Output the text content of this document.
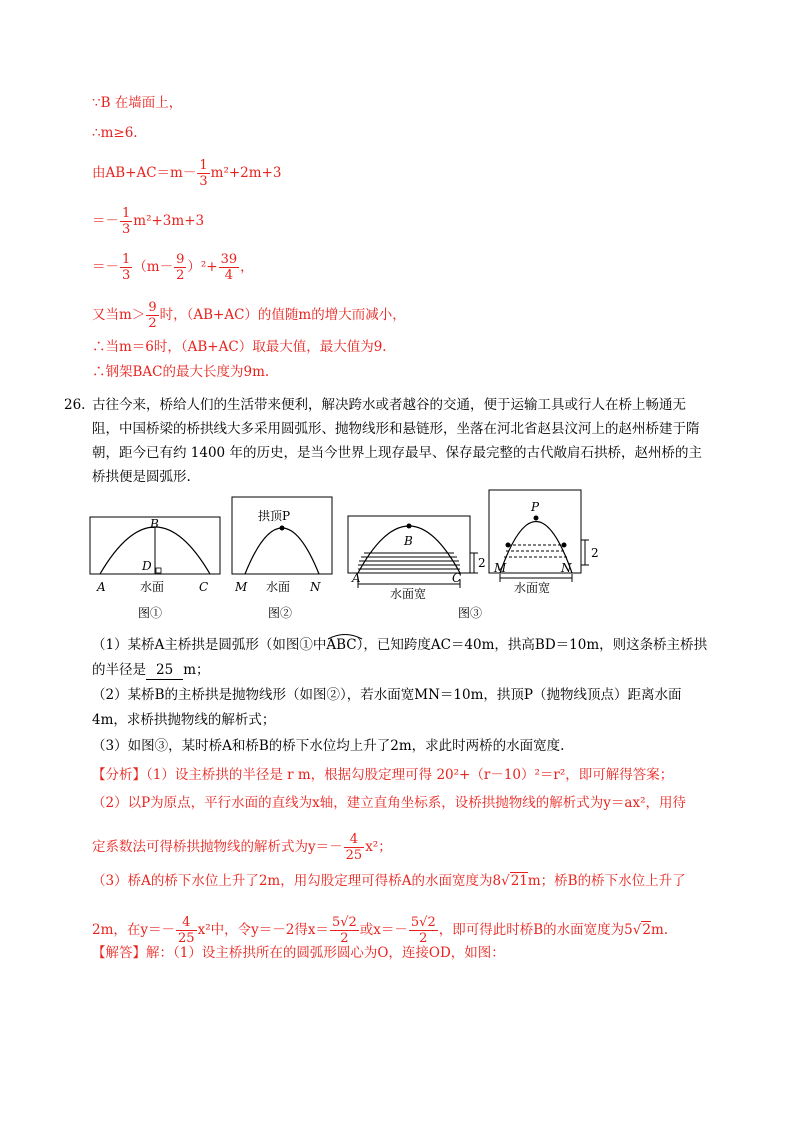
∵B 在墙面上，
∴m≥6.
由$AB+AC=m- \frac{1}{3} m^2+2m+3$
＝－ $\frac{1}{3} m^2+3m+3$
＝－ $\frac{1}{3} (m- \frac{9}{2} )^2+ \frac{39}{4}$ ，
又当$m> \frac{9}{2}$ 时，（AB+AC）的值随m的增大而减小，
∴当m＝6时，（AB+AC）取最大值，最大值为9.
∴钢架BAC的最大长度为9m.
26. 古往今来，桥给人们的生活带来便利，解决跨水或者越谷的交通，便于运输工具或行人在桥上畅通无
阻，中国桥梁的桥拱线大多采用圆弧形、抛物线形和悬链形，坐落在河北省赵县汶河上的赵州桥建于隋
朝，距今已有约 1400 年的历史，是当今世界上现存最早、保存最完整的古代敞肩石拱桥，赵州桥的主
桥拱便是圆弧形.
B
D
A	C
水面
图①
拱顶P
M	N
水面
图②
B
A	C
2
水面宽
P
M	N
2
水面宽
图③
（1）某桥A主桥拱是圆弧形（如图①中
ABC），已知跨度AC＝40m，拱高BD＝10m，则这条桥主桥拱
的半径是 25 m；
（2）某桥B的主桥拱是抛物线形（如图②），若水面宽MN＝10m，拱顶P（抛物线顶点）距离水面
4m，求桥拱抛物线的解析式；
（3）如图③，某时桥A和桥B的桥下水位均上升了2m，求此时两桥的水面宽度.
【分析】（1）设主桥拱的半径是 r m，根据勾股定理可得 20²+（r－10）²＝r²，即可解得答案；
（2）以P为原点，平行水面的直线为x轴，建立直角坐标系，设桥拱抛物线的解析式为y＝ax²，用待
定系数法可得桥拱抛物线的解析式为$y=- \frac{4}{25} x^2$；
（3）桥A的桥下水位上升了2m，用勾股定理可得桥A的水面宽度为8√21m；桥B的桥下水位上升了
2m，在$y=- \frac{4}{25} x^2$中，令y＝－2得$x= \frac{5√2}{2}$ 或$x=- \frac{5√2}{2}$ ，即可得此时桥B的水面宽度为5√2m.
【解答】解：（1）设主桥拱所在的圆弧形圆心为O，连接OD，如图：
